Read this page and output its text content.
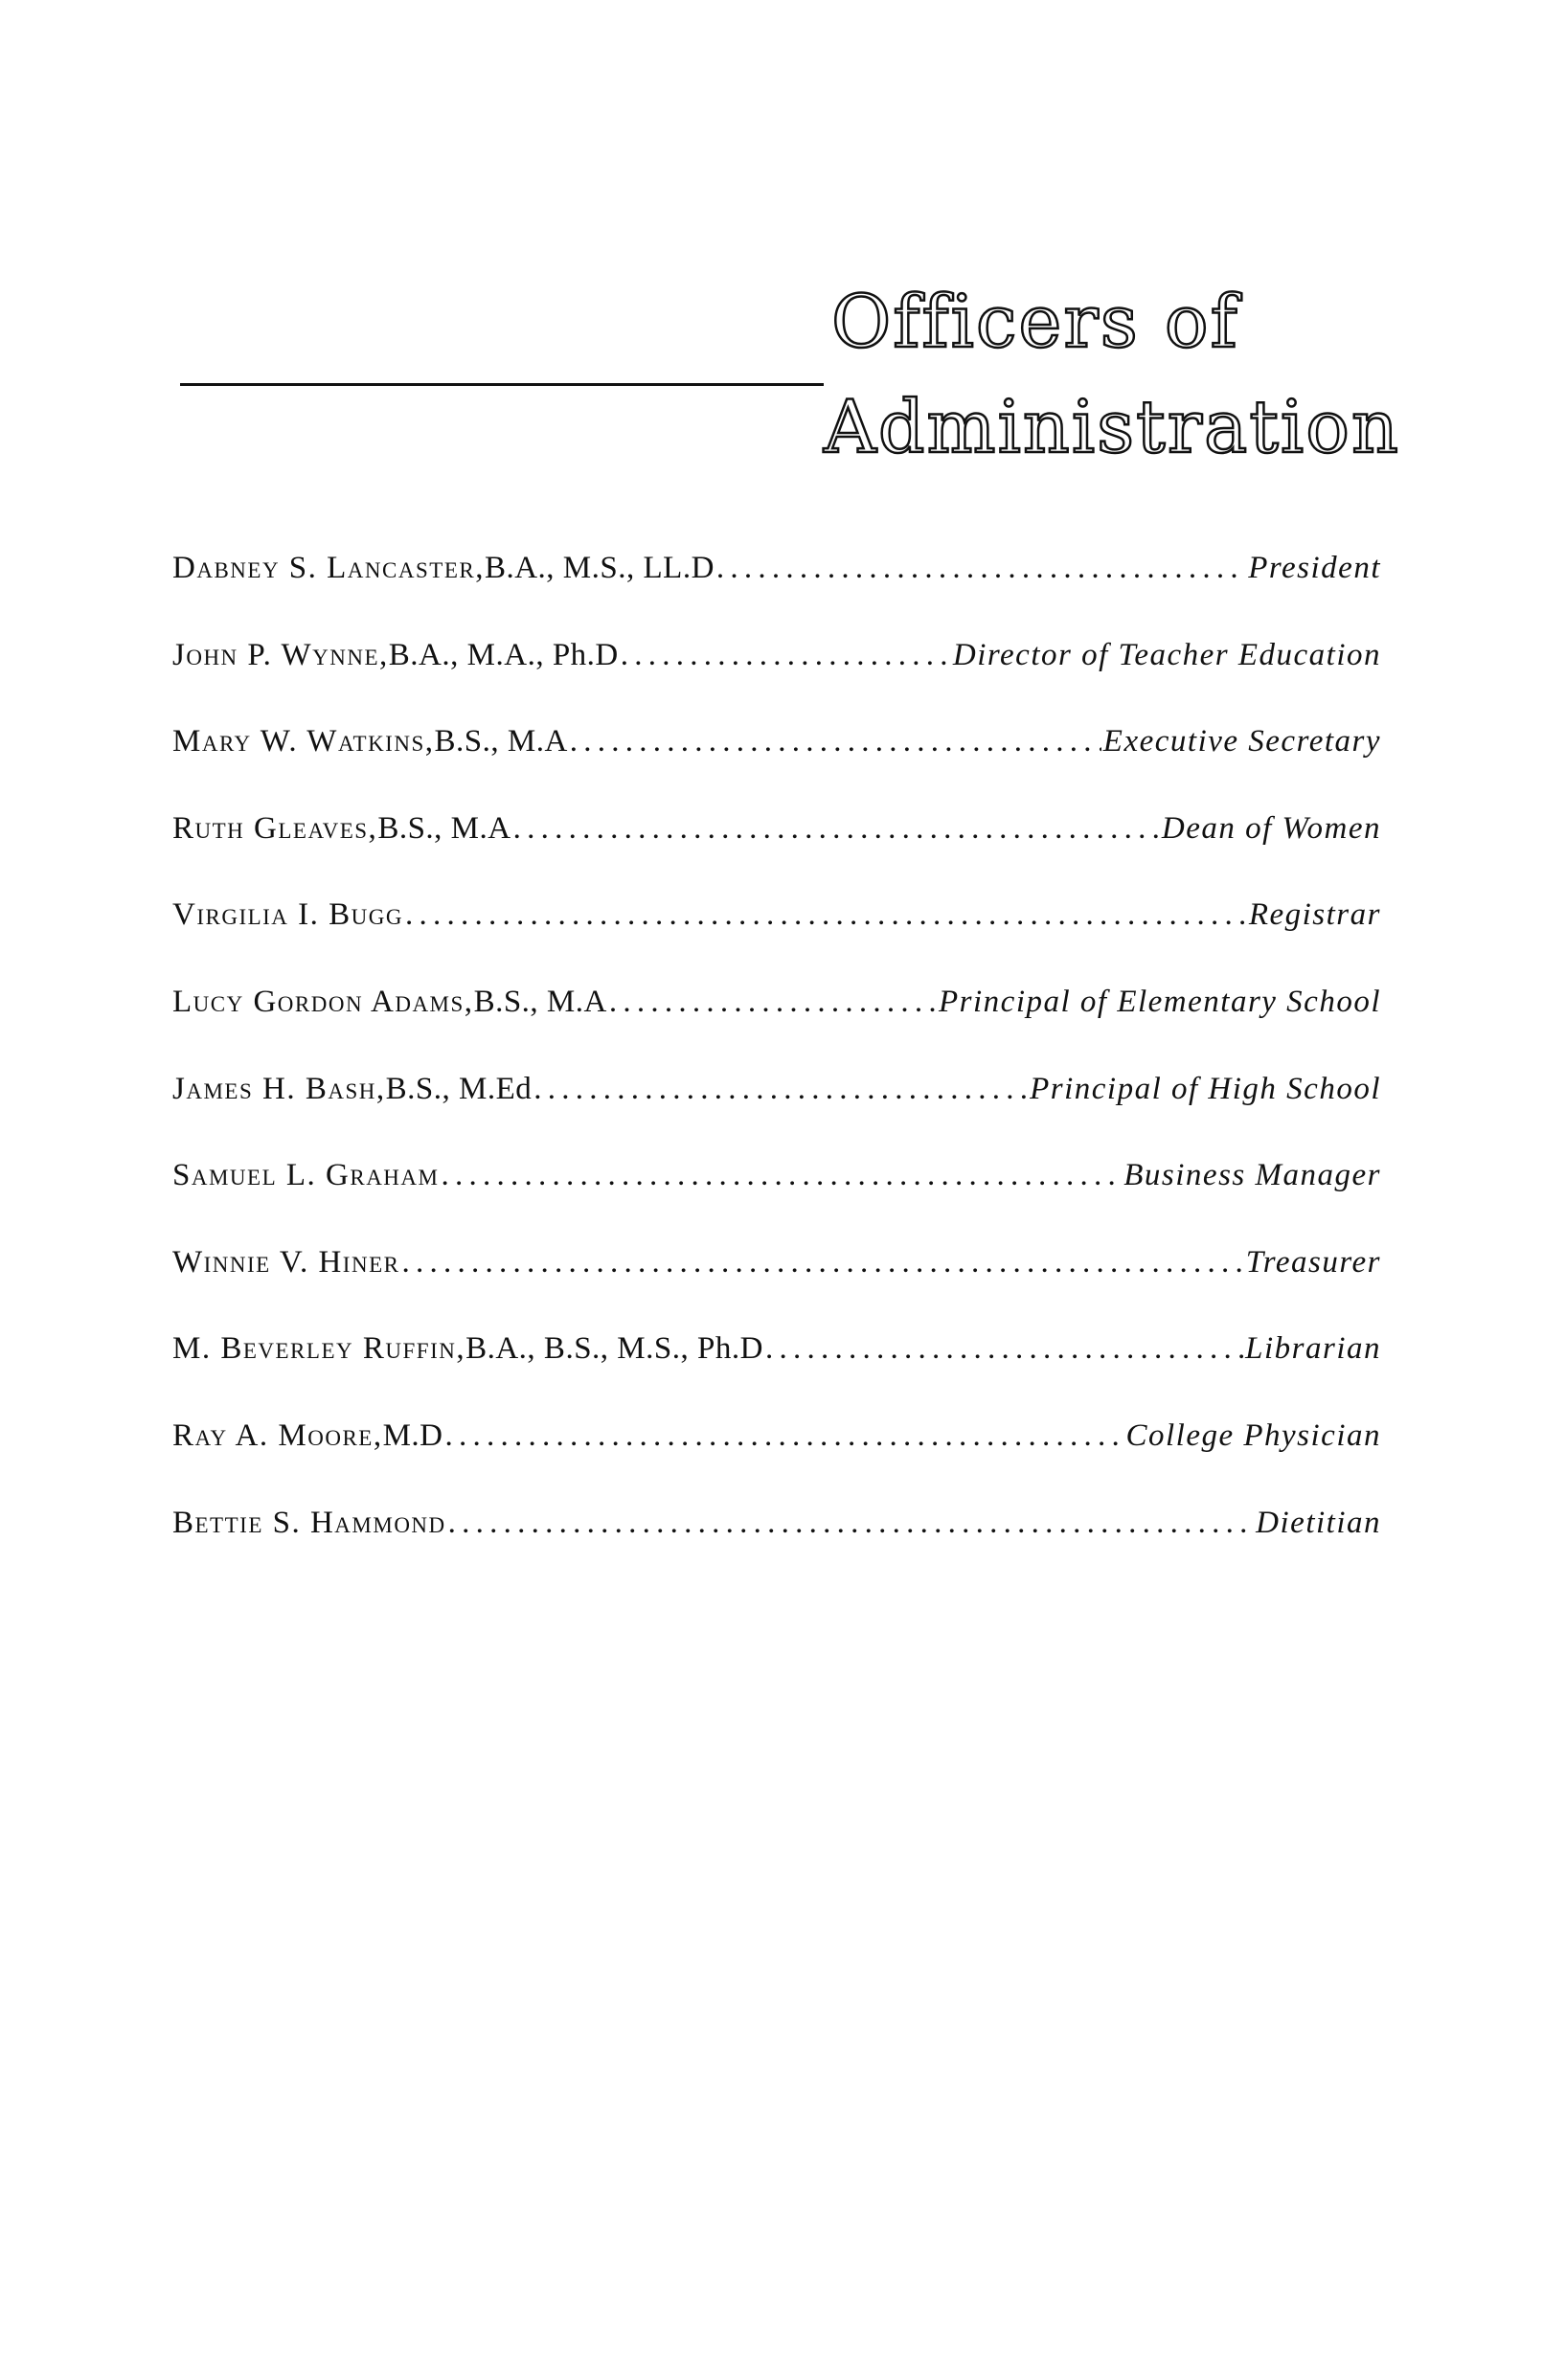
Officers of
Administration
Dabney S. Lancaster, B.A., M.S., LL.D . . .	President
John P. Wynne, B.A., M.A., Ph.D . . .	Director of Teacher Education
Mary W. Watkins, B.S., M.A . . .	Executive Secretary
Ruth Gleaves, B.S., M.A . . .	Dean of Women
Virgilia I. Bugg . . .	Registrar
Lucy Gordon Adams, B.S., M.A . . .	Principal of Elementary School
James H. Bash, B.S., M.Ed . . .	Principal of High School
Samuel L. Graham . . .	Business Manager
Winnie V. Hiner . . .	Treasurer
M. Beverley Ruffin, B.A., B.S., M.S., Ph.D . . .	Librarian
Ray A. Moore, M.D . . .	College Physician
Bettie S. Hammond . . .	Dietitian
